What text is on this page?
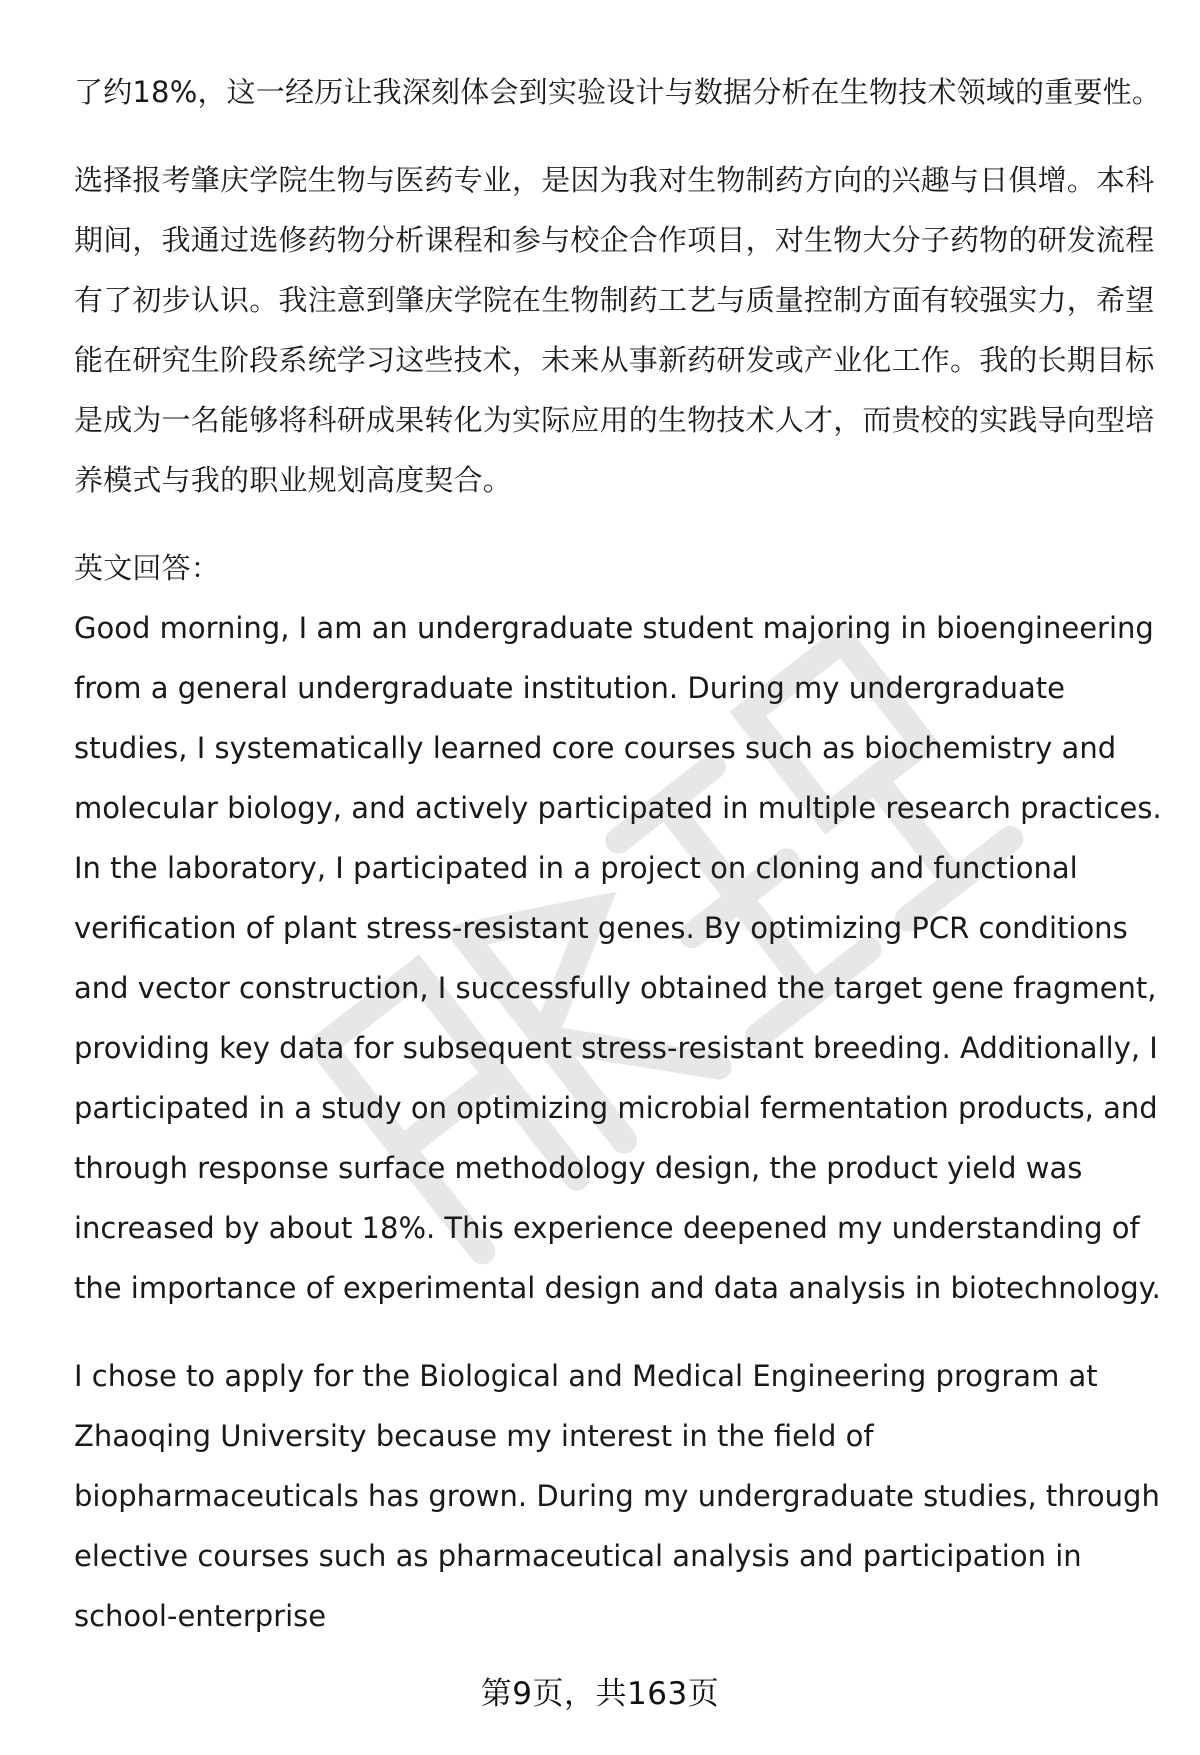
了约18%，这一经历让我深刻体会到实验设计与数据分析在生物技术领域的重要性。

选择报考肇庆学院生物与医药专业，是因为我对生物制药方向的兴趣与日俱增。本科期间，我通过选修药物分析课程和参与校企合作项目，对生物大分子药物的研发流程有了初步认识。我注意到肇庆学院在生物制药工艺与质量控制方面有较强实力，希望能在研究生阶段系统学习这些技术，未来从事新药研发或产业化工作。我的长期目标是成为一名能够将科研成果转化为实际应用的生物技术人才，而贵校的实践导向型培养模式与我的职业规划高度契合。

英文回答：

Good morning, I am an undergraduate student majoring in bioengineering from a general undergraduate institution. During my undergraduate studies, I systematically learned core courses such as biochemistry and molecular biology, and actively participated in multiple research practices. In the laboratory, I participated in a project on cloning and functional verification of plant stress-resistant genes. By optimizing PCR conditions and vector construction, I successfully obtained the target gene fragment, providing key data for subsequent stress-resistant breeding. Additionally, I participated in a study on optimizing microbial fermentation products, and through response surface methodology design, the product yield was increased by about 18%. This experience deepened my understanding of the importance of experimental design and data analysis in biotechnology.

I chose to apply for the Biological and Medical Engineering program at Zhaoqing University because my interest in the field of biopharmaceuticals has grown. During my undergraduate studies, through elective courses such as pharmaceutical analysis and participation in school-enterprise

第9页，共163页
